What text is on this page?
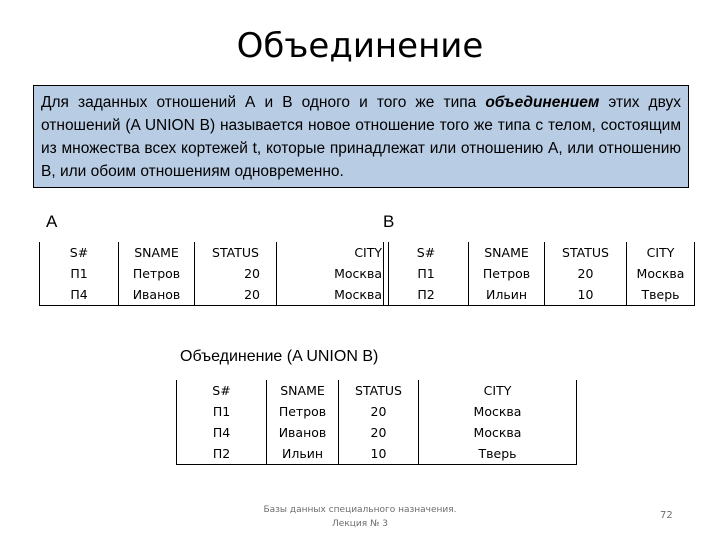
Объединение
Для заданных отношений А и В одного и того же типа объединением этих двух отношений (A UNION B) называется новое отношение того же типа с телом, состоящим из множества всех кортежей t, которые принадлежат или отношению А, или отношению В, или обоим отношениям одновременно.
A	B
S#	SNAME	STATUS	CITY
П1	Петров	20	Москва
П4	Иванов	20	Москва
S#	SNAME	STATUS	CITY
П1	Петров	20	Москва
П2	Ильин	10	Тверь
Объединение (A UNION B)
S#	SNAME	STATUS	CITY
П1	Петров	20	Москва
П4	Иванов	20	Москва
П2	Ильин	10	Тверь
Базы данных специального назначения.
Лекция № 3
72
